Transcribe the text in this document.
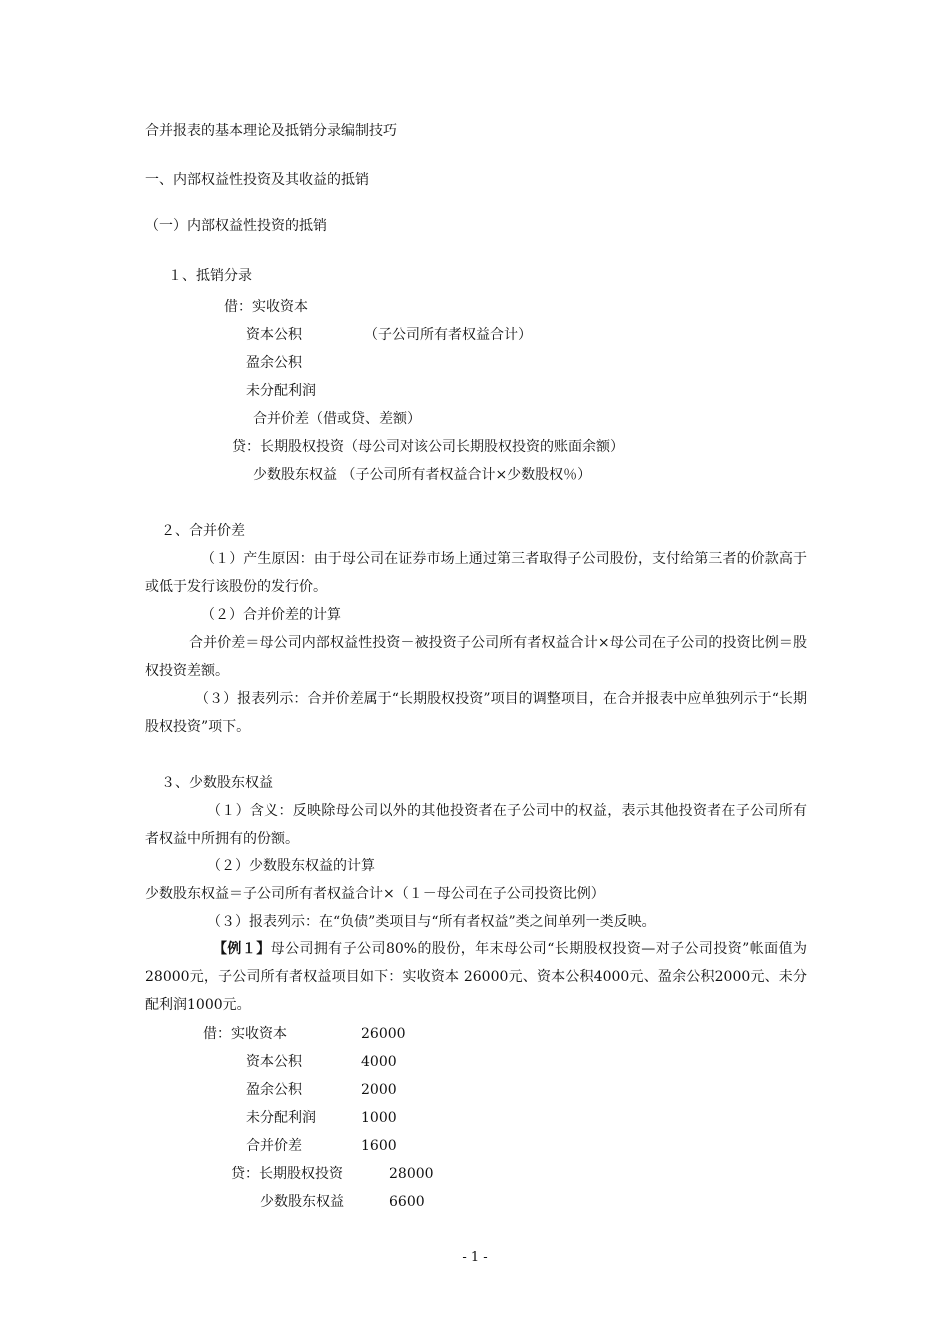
合并报表的基本理论及抵销分录编制技巧
一、内部权益性投资及其收益的抵销
（一）内部权益性投资的抵销
１、抵销分录
借：实收资本
资本公积	（子公司所有者权益合计）
盈余公积
未分配利润
合并价差（借或贷、差额）
贷：长期股权投资（母公司对该公司长期股权投资的账面余额）
少数股东权益 （子公司所有者权益合计×少数股权％）
２、合并价差
（１）产生原因：由于母公司在证券市场上通过第三者取得子公司股份，支付给第三者的价款高于或低于发行该股份的发行价。
（２）合并价差的计算
合并价差＝母公司内部权益性投资－被投资子公司所有者权益合计×母公司在子公司的投资比例＝股权投资差额。
（３）报表列示：合并价差属于“长期股权投资”项目的调整项目，在合并报表中应单独列示于“长期股权投资”项下。
３、少数股东权益
（１）含义：反映除母公司以外的其他投资者在子公司中的权益，表示其他投资者在子公司所有者权益中所拥有的份额。
（２）少数股东权益的计算
少数股东权益＝子公司所有者权益合计×（１－母公司在子公司投资比例）
（３）报表列示：在“负债”类项目与“所有者权益”类之间单列一类反映。
【例１】母公司拥有子公司80%的股份，年末母公司“长期股权投资—对子公司投资”帐面值为28000元，子公司所有者权益项目如下：实收资本 26000元、资本公积4000元、盈余公积2000元、未分配利润1000元。
借：实收资本	26000
资本公积	4000
盈余公积	2000
未分配利润	1000
合并价差	1600
贷：长期股权投资	28000
少数股东权益	6600
- 1 -
